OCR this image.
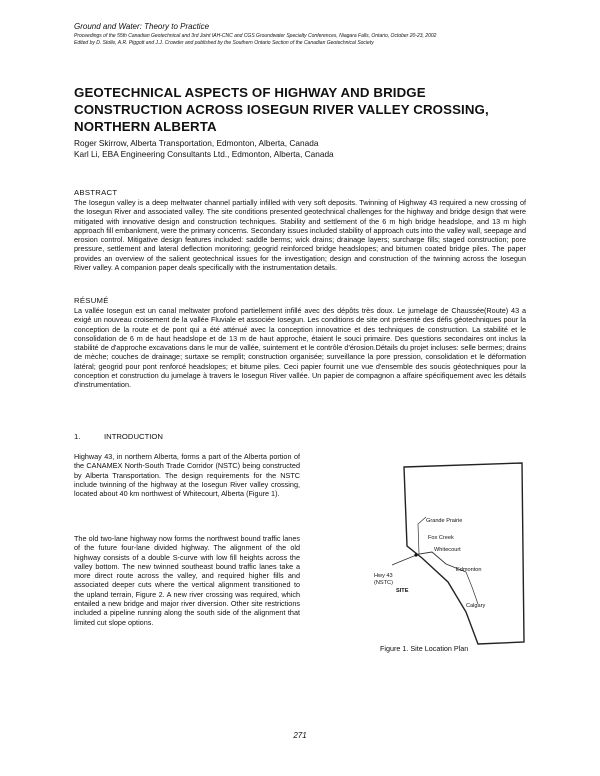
Ground and Water: Theory to Practice
Proceedings of the 55th Canadian Geotechnical and 3rd Joint IAH-CNC and CGS Groundwater Specialty Conferences, Niagara Falls, Ontario, October 20-23, 2002
Edited by D. Stolle, A.R. Piggott and J.J. Crowder and published by the Southern Ontario Section of the Canadian Geotechnical Society
GEOTECHNICAL ASPECTS OF HIGHWAY AND BRIDGE CONSTRUCTION ACROSS IOSEGUN RIVER VALLEY CROSSING, NORTHERN ALBERTA
Roger Skirrow, Alberta Transportation, Edmonton, Alberta, Canada
Karl Li, EBA Engineering Consultants Ltd., Edmonton, Alberta, Canada
ABSTRACT
The Iosegun valley is a deep meltwater channel partially infilled with very soft deposits. Twinning of Highway 43 required a new crossing of the Iosegun River and associated valley. The site conditions presented geotechnical challenges for the highway and bridge design that were mitigated with innovative design and construction techniques. Stability and settlement of the 6 m high bridge headslope, and 13 m high approach fill embankment, were the primary concerns. Secondary issues included stability of approach cuts into the valley wall, seepage and erosion control. Mitigative design features included: saddle berms; wick drains; drainage layers; surcharge fills; staged construction; pore pressure, settlement and lateral deflection monitoring; geogrid reinforced bridge headslopes; and bitumen coated bridge piles. The paper provides an overview of the salient geotechnical issues for the investigation; design and construction of the twinning across the Iosegun River valley. A companion paper deals specifically with the instrumentation details.
RÉSUMÉ
La vallée Iosegun est un canal meltwater profond partiellement infillé avec des dépôts très doux. Le jumelage de Chaussée(Route) 43 a exigé un nouveau croisement de la vallée Fluviale et associée Iosegun. Les conditions de site ont présenté des défis géotechniques pour la conception de la route et de pont qui a été atténué avec la conception innovatrice et des techniques de construction. La stabilité et le consolidation de 6 m de haut headslope et de 13 m de haut approche, étaient le souci primaire. Des questions secondaires ont inclus la stabilité de d'approche excavations dans le mur de vallée, suintement et le contrôle d'érosion.Détails du projet incluses: selle bermes; drains de mèche; couches de drainage; surtaxe se remplit; construction organisée; surveillance la pore pression, consolidation et le déformation latéral; geogrid pour pont renforcé headslopes; et bitume piles. Ceci papier fournit une vue d'ensemble des soucis géotechniques pour la conception et construction du jumelage à travers le Iosegun River vallée. Un papier de compagnon a affaire spécifiquement avec les détails d'instrumentation.
1.	INTRODUCTION
Highway 43, in northern Alberta, forms a part of the Alberta portion of the CANAMEX North-South Trade Corridor (NSTC) being constructed by Alberta Transportation. The design requirements for the NSTC include twinning of the highway at the Iosegun River valley crossing, located about 40 km northwest of Whitecourt, Alberta (Figure 1).
The old two-lane highway now forms the northwest bound traffic lanes of the future four-lane divided highway. The alignment of the old highway consists of a double S-curve with low fill heights across the valley bottom. The new twinned southeast bound traffic lanes take a more direct route across the valley, and required higher fills and associated deeper cuts where the vertical alignment transitioned to the upland terrain, Figure 2. A new river crossing was required, which entailed a new bridge and major river diversion. Other site restrictions included a pipeline running along the south side of the alignment that limited cut slope options.
Grande Prairie
Fox Creek
Whitecourt
Edmonton
Calgary
Hwy 43
(NSTC)
SITE
Figure 1. Site Location Plan
271
